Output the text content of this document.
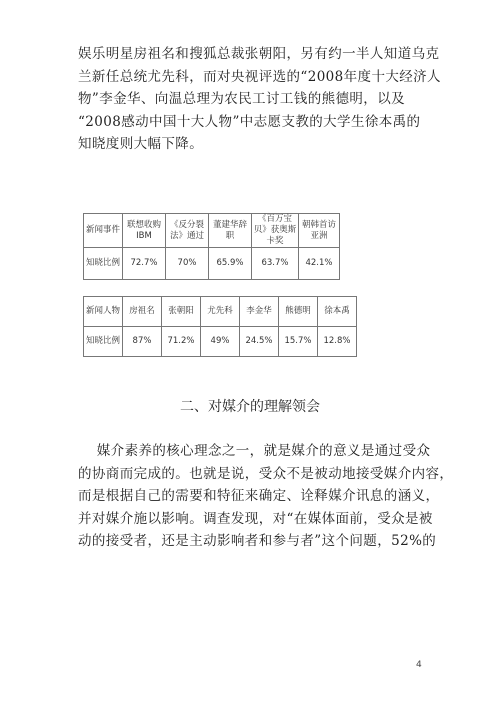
娱乐明星房祖名和搜狐总裁张朝阳，另有约一半人知道乌克
兰新任总统尤先科，而对央视评选的“2008年度十大经济人
物”李金华、向温总理为农民工讨工钱的熊德明，以及
“2008感动中国十大人物”中志愿支教的大学生徐本禹的
知晓度则大幅下降。
新闻事件	联想收购IBM	《反分裂法》通过	董建华辞职	《百万宝贝》获奥斯卡奖	朝韩首访亚洲
知晓比例	72.7%	70%	65.9%	63.7%	42.1%
新闻人物	房祖名	张朝阳	尤先科	李金华	熊德明	徐本禹
知晓比例	87%	71.2%	49%	24.5%	15.7%	12.8%
二、对媒介的理解领会
媒介素养的核心理念之一，就是媒介的意义是通过受众
的协商而完成的。也就是说，受众不是被动地接受媒介内容，
而是根据自己的需要和特征来确定、诠释媒介讯息的涵义，
并对媒介施以影响。调查发现，对“在媒体面前，受众是被
动的接受者，还是主动影响者和参与者”这个问题，52%的
4
